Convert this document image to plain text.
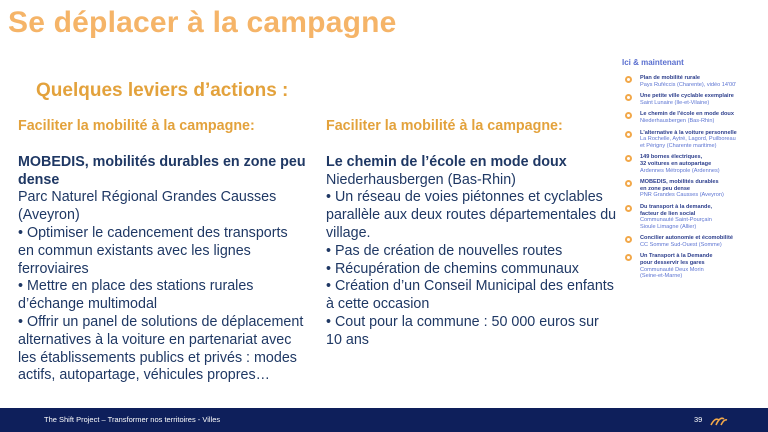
Se déplacer à la campagne
Quelques leviers d’actions :
Faciliter la mobilité à la campagne:
MOBEDIS, mobilités durables en zone peu
dense
Parc Naturel Régional Grandes Causses
(Aveyron)
• Optimiser le cadencement des transports
en commun existants avec les lignes
ferroviaires
• Mettre en place des stations rurales
d’échange multimodal
• Offrir un panel de solutions de déplacement
alternatives à la voiture en partenariat avec
les établissements publics et privés : modes
actifs, autopartage, véhicules propres…
Faciliter la mobilité à la campagne:
Le chemin de l’école en mode doux
Niederhausbergen (Bas-Rhin)
• Un réseau de voies piétonnes et cyclables
parallèle aux deux routes départementales du
village.
• Pas de création de nouvelles routes
• Récupération de chemins communaux
• Création d’un Conseil Municipal des enfants
à cette occasion
• Cout pour la commune : 50 000 euros sur
10 ans
Ici & maintenant
Plan de mobilité rurale
Pays Ruféccis (Charente), vidéo 14'00'
Une petite ville cyclable exemplaire
Saint Lunaire (Ile-et-Vilaine)
Le chemin de l'école en mode doux
Niederhausbergen (Bas-Rhin)
L'alternative à la voiture personnelle
La Rochelle, Aytré, Lagord, Puilboreau
et Périgny (Charente maritime)
149 bornes électriques,
32 voitures en autopartage
Ardennes Métropole (Ardennes)
MOBEDIS, mobilités durables
en zone peu dense
PNR Grandes Causses (Aveyron)
Du transport à la demande,
facteur de lien social
Communauté Saint-Pourçain
Sioule Limagne (Allier)
Concilier autonomie et écomobilité
CC Somme Sud-Ouest (Somme)
Un Transport à la Demande
pour desservir les gares
Communauté Deux Morin
(Seine-et-Marne)
The Shift Project – Transformer nos territoires - Villes	39
